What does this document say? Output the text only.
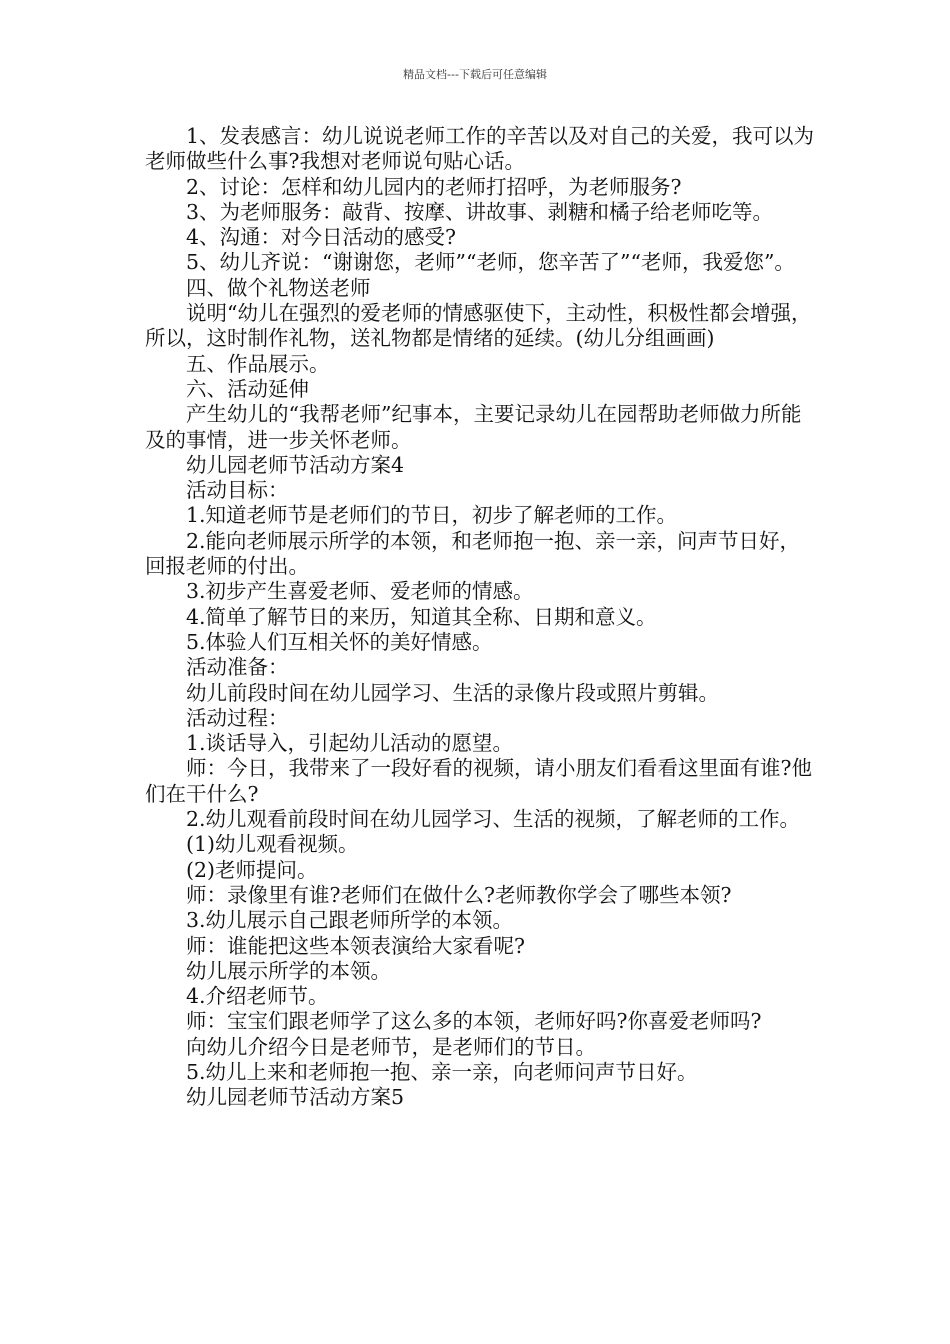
精品文档---下载后可任意编辑

1、发表感言：幼儿说说老师工作的辛苦以及对自己的关爱，我可以为老师做些什么事?我想对老师说句贴心话。

2、讨论：怎样和幼儿园内的老师打招呼，为老师服务?

3、为老师服务：敲背、按摩、讲故事、剥糖和橘子给老师吃等。

4、沟通：对今日活动的感受?

5、幼儿齐说：“谢谢您，老师”“老师，您辛苦了”“老师，我爱您”。

四、做个礼物送老师

说明“幼儿在强烈的爱老师的情感驱使下，主动性，积极性都会增强，所以，这时制作礼物，送礼物都是情绪的延续。(幼儿分组画画)

五、作品展示。

六、活动延伸

产生幼儿的“我帮老师”纪事本，主要记录幼儿在园帮助老师做力所能及的事情，进一步关怀老师。

幼儿园老师节活动方案4

活动目标：

1.知道老师节是老师们的节日，初步了解老师的工作。

2.能向老师展示所学的本领，和老师抱一抱、亲一亲，问声节日好，回报老师的付出。

3.初步产生喜爱老师、爱老师的情感。

4.简单了解节日的来历，知道其全称、日期和意义。

5.体验人们互相关怀的美好情感。

活动准备：

幼儿前段时间在幼儿园学习、生活的录像片段或照片剪辑。

活动过程：

1.谈话导入，引起幼儿活动的愿望。

师：今日，我带来了一段好看的视频，请小朋友们看看这里面有谁?他们在干什么?

2.幼儿观看前段时间在幼儿园学习、生活的视频，了解老师的工作。

(1)幼儿观看视频。

(2)老师提问。

师：录像里有谁?老师们在做什么?老师教你学会了哪些本领?

3.幼儿展示自己跟老师所学的本领。

师：谁能把这些本领表演给大家看呢?

幼儿展示所学的本领。

4.介绍老师节。

师：宝宝们跟老师学了这么多的本领，老师好吗?你喜爱老师吗?

向幼儿介绍今日是老师节，是老师们的节日。

5.幼儿上来和老师抱一抱、亲一亲，向老师问声节日好。

幼儿园老师节活动方案5
